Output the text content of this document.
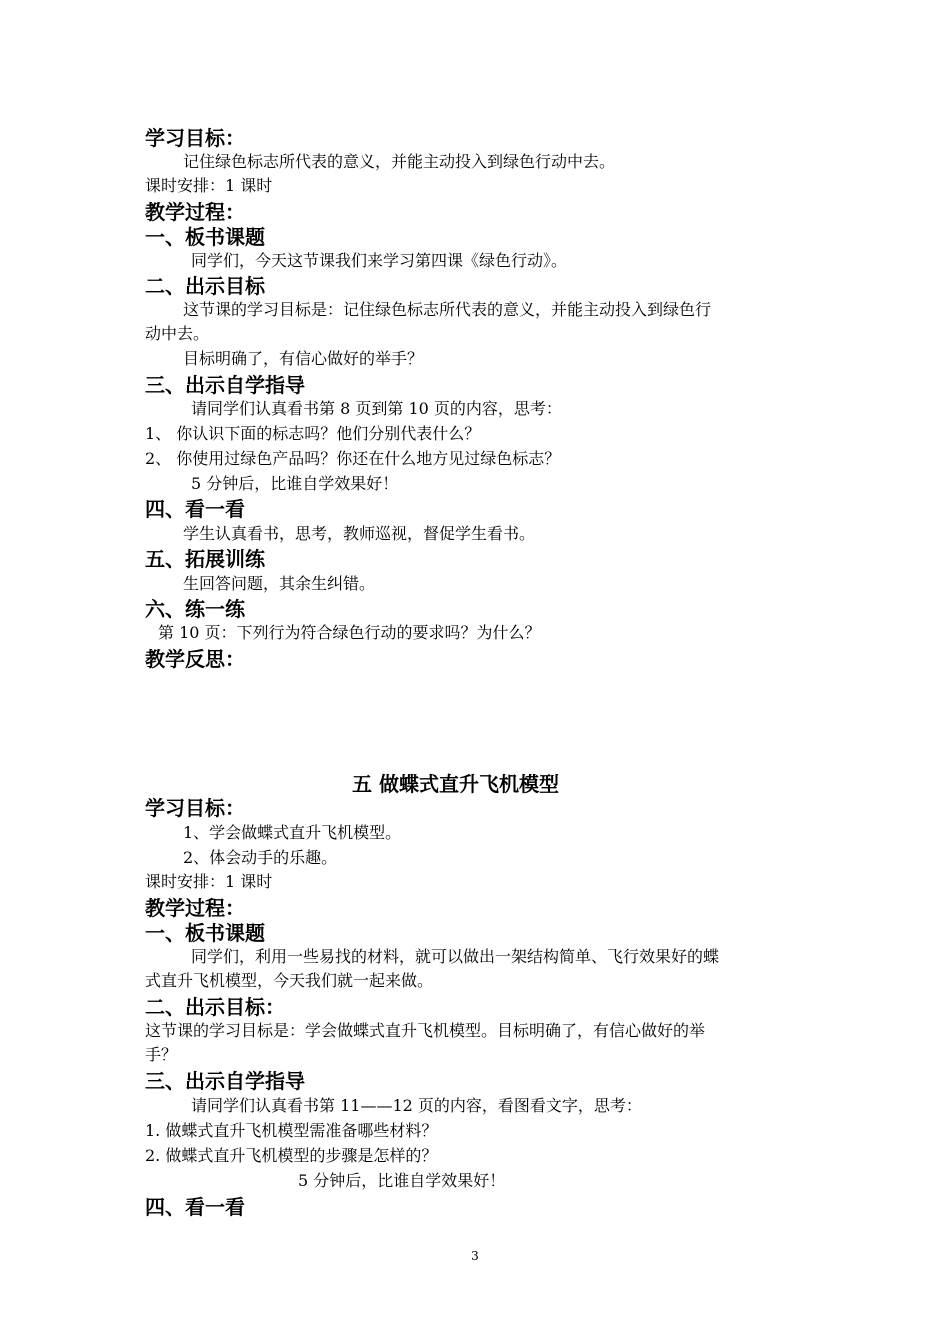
学习目标：
记住绿色标志所代表的意义，并能主动投入到绿色行动中去。
课时安排：1 课时
教学过程：
一、板书课题
同学们，今天这节课我们来学习第四课《绿色行动》。
二、出示目标
这节课的学习目标是：记住绿色标志所代表的意义，并能主动投入到绿色行
动中去。
目标明确了，有信心做好的举手？
三、出示自学指导
请同学们认真看书第 8 页到第 10 页的内容，思考：
1、 你认识下面的标志吗？他们分别代表什么？
2、 你使用过绿色产品吗？你还在什么地方见过绿色标志？
5 分钟后，比谁自学效果好！
四、看一看
学生认真看书，思考，教师巡视，督促学生看书。
五、拓展训练
生回答问题，其余生纠错。
六、练一练
第 10 页：下列行为符合绿色行动的要求吗？为什么？
教学反思：
五 做蝶式直升飞机模型
学习目标：
1、学会做蝶式直升飞机模型。
2、体会动手的乐趣。
课时安排：1 课时
教学过程：
一、板书课题
同学们，利用一些易找的材料，就可以做出一架结构简单、飞行效果好的蝶
式直升飞机模型，今天我们就一起来做。
二、出示目标：
这节课的学习目标是：学会做蝶式直升飞机模型。目标明确了，有信心做好的举
手？
三、出示自学指导
请同学们认真看书第 11——12 页的内容，看图看文字，思考：
1. 做蝶式直升飞机模型需准备哪些材料？
2. 做蝶式直升飞机模型的步骤是怎样的？
5 分钟后，比谁自学效果好！
四、看一看
3
